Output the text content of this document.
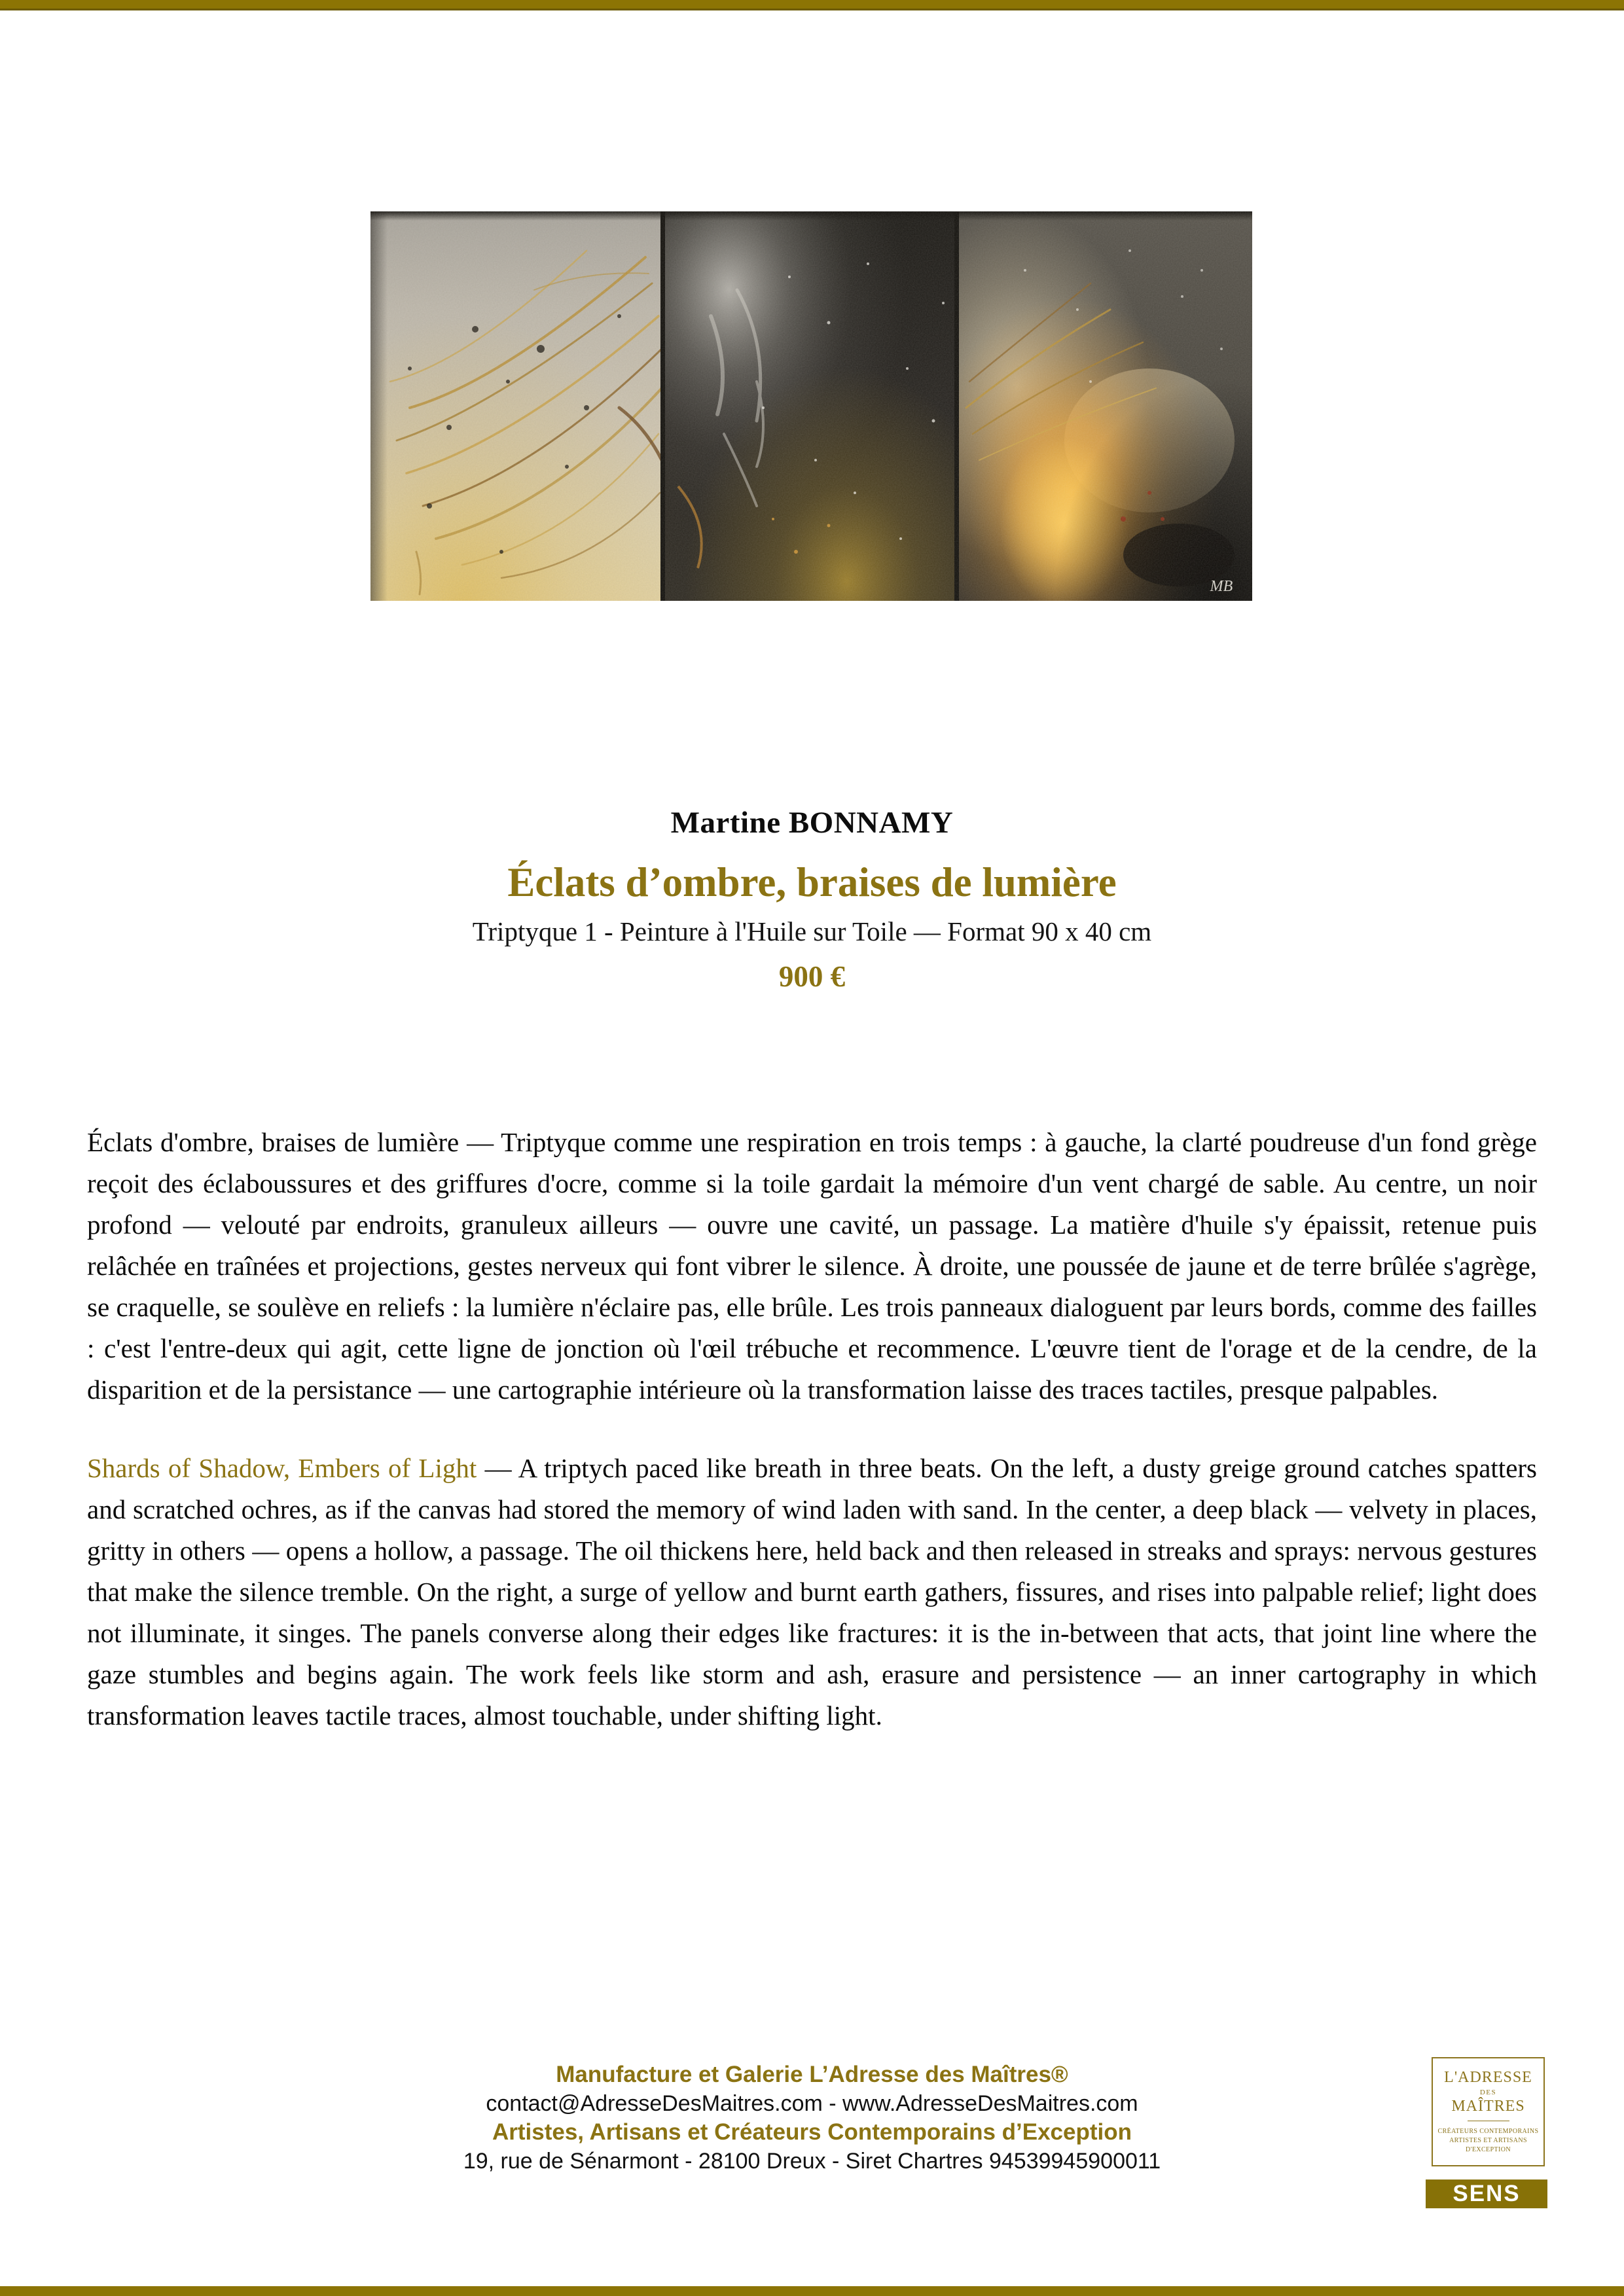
MB
Martine BONNAMY
Éclats d’ombre, braises de lumière
Triptyque 1 - Peinture à l'Huile sur Toile — Format 90 x 40 cm
900 €

Éclats d'ombre, braises de lumière — Triptyque comme une respiration en trois temps : à gauche, la clarté poudreuse d'un fond grège reçoit des éclaboussures et des griffures d'ocre, comme si la toile gardait la mémoire d'un vent chargé de sable. Au centre, un noir profond — velouté par endroits, granuleux ailleurs — ouvre une cavité, un passage. La matière d'huile s'y épaissit, retenue puis relâchée en traînées et projections, gestes nerveux qui font vibrer le silence. À droite, une poussée de jaune et de terre brûlée s'agrège, se craquelle, se soulève en reliefs : la lumière n'éclaire pas, elle brûle. Les trois panneaux dialoguent par leurs bords, comme des failles : c'est l'entre-deux qui agit, cette ligne de jonction où l'œil trébuche et recommence. L'œuvre tient de l'orage et de la cendre, de la disparition et de la persistance — une cartographie intérieure où la transformation laisse des traces tactiles, presque palpables.

Shards of Shadow, Embers of Light — A triptych paced like breath in three beats. On the left, a dusty greige ground catches spatters and scratched ochres, as if the canvas had stored the memory of wind laden with sand. In the center, a deep black — velvety in places, gritty in others — opens a hollow, a passage. The oil thickens here, held back and then released in streaks and sprays: nervous gestures that make the silence tremble. On the right, a surge of yellow and burnt earth gathers, fissures, and rises into palpable relief; light does not illuminate, it singes. The panels converse along their edges like fractures: it is the in-between that acts, that joint line where the gaze stumbles and begins again. The work feels like storm and ash, erasure and persistence — an inner cartography in which transformation leaves tactile traces, almost touchable, under shifting light.

Manufacture et Galerie L’Adresse des Maîtres®
contact@AdresseDesMaitres.com - www.AdresseDesMaitres.com
Artistes, Artisans et Créateurs Contemporains d’Exception
19, rue de Sénarmont - 28100 Dreux - Siret Chartres 94539945900011
L'ADRESSE
DES
MAÎTRES
CRÉATEURS CONTEMPORAINS
ARTISTES ET ARTISANS
D'EXCEPTION
SENS
